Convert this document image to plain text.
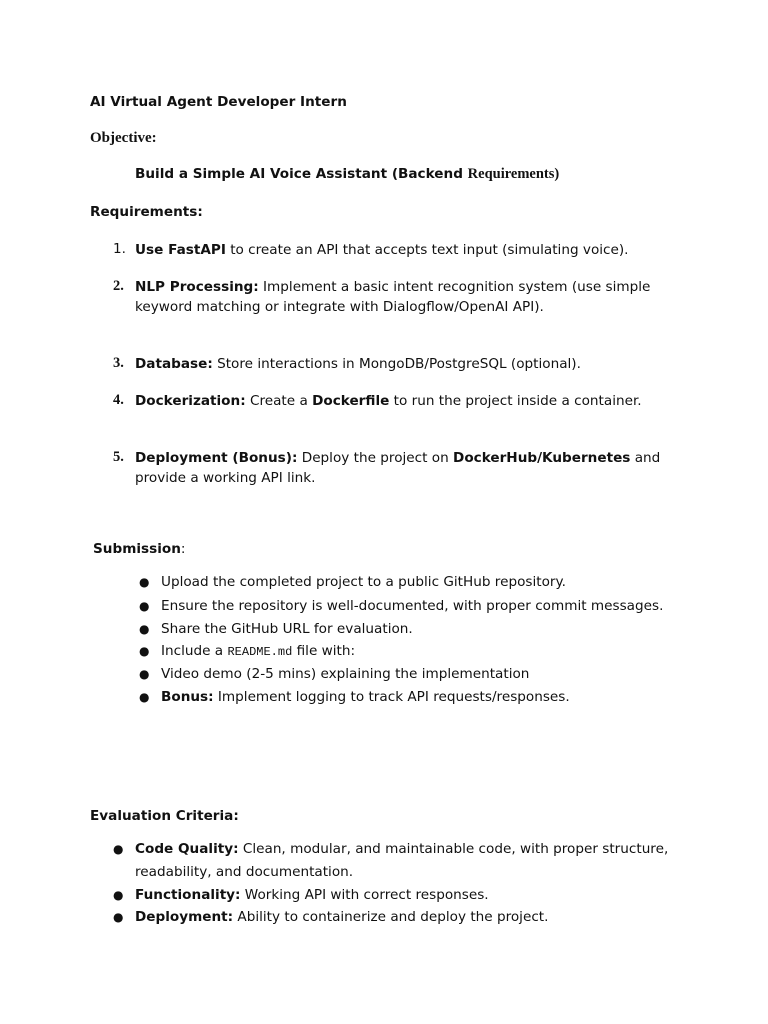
AI Virtual Agent Developer Intern
Objective:
Build a Simple AI Voice Assistant (Backend Requirements)
Requirements:
1. Use FastAPI to create an API that accepts text input (simulating voice).
2. NLP Processing: Implement a basic intent recognition system (use simple keyword matching or integrate with Dialogflow/OpenAI API).
3. Database: Store interactions in MongoDB/PostgreSQL (optional).
4. Dockerization: Create a Dockerfile to run the project inside a container.
5. Deployment (Bonus): Deploy the project on DockerHub/Kubernetes and provide a working API link.
Submission:
● Upload the completed project to a public GitHub repository.
● Ensure the repository is well-documented, with proper commit messages.
● Share the GitHub URL for evaluation.
● Include a README.md file with:
● Video demo (2-5 mins) explaining the implementation
● Bonus: Implement logging to track API requests/responses.
Evaluation Criteria:
● Code Quality: Clean, modular, and maintainable code, with proper structure, readability, and documentation.
● Functionality: Working API with correct responses.
● Deployment: Ability to containerize and deploy the project.
